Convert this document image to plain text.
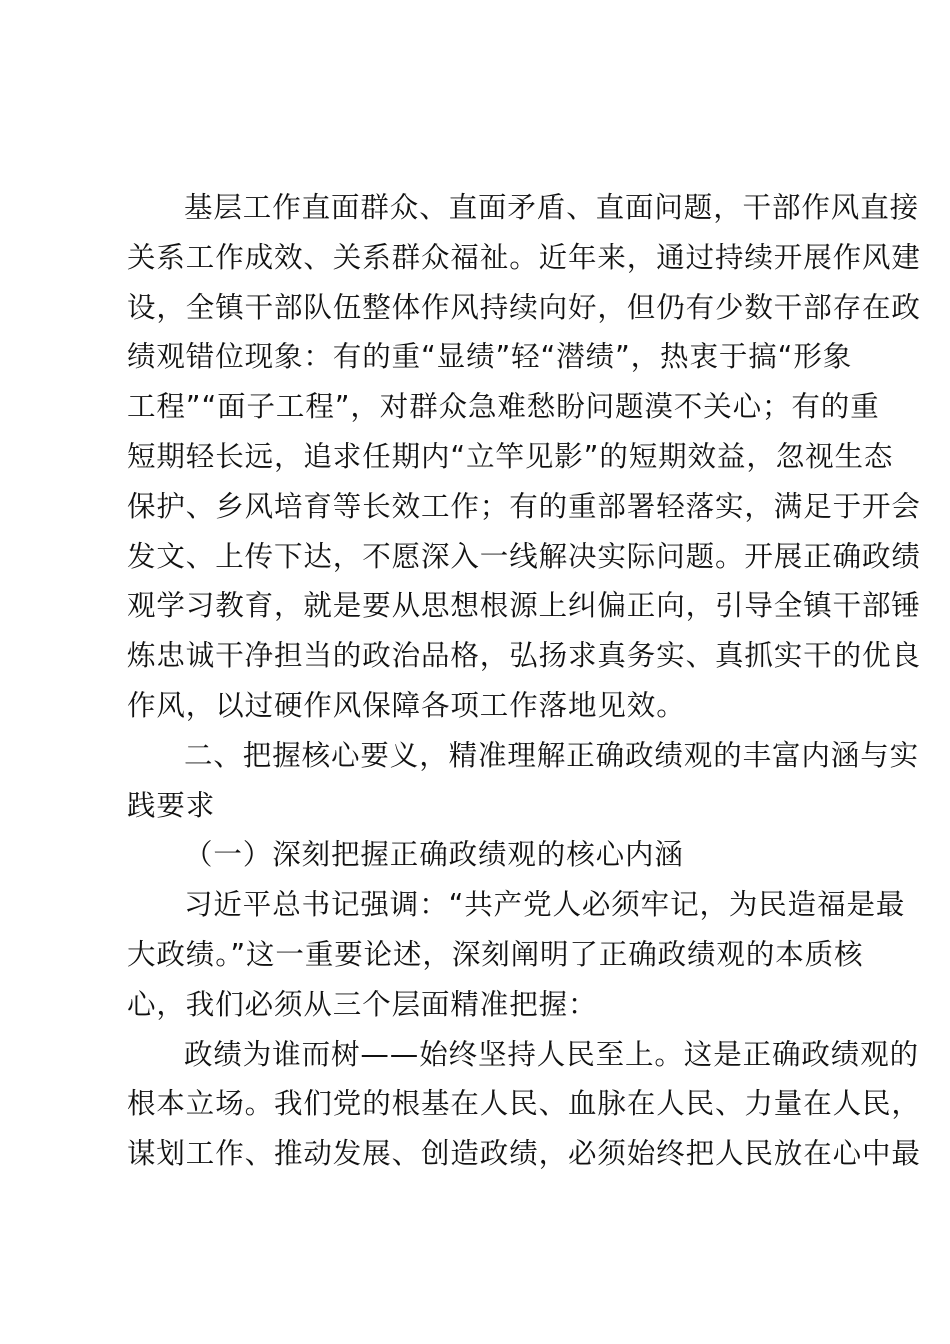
基层工作直面群众、直面矛盾、直面问题，干部作风直接
关系工作成效、关系群众福祉。近年来，通过持续开展作风建
设，全镇干部队伍整体作风持续向好，但仍有少数干部存在政
绩观错位现象：有的重“显绩”轻“潜绩”，热衷于搞“形象
工程”“面子工程”，对群众急难愁盼问题漠不关心；有的重
短期轻长远，追求任期内“立竿见影”的短期效益，忽视生态
保护、乡风培育等长效工作；有的重部署轻落实，满足于开会
发文、上传下达，不愿深入一线解决实际问题。开展正确政绩
观学习教育，就是要从思想根源上纠偏正向，引导全镇干部锤
炼忠诚干净担当的政治品格，弘扬求真务实、真抓实干的优良
作风，以过硬作风保障各项工作落地见效。
二、把握核心要义，精准理解正确政绩观的丰富内涵与实
践要求
（一）深刻把握正确政绩观的核心内涵
习近平总书记强调：“共产党人必须牢记，为民造福是最
大政绩。”这一重要论述，深刻阐明了正确政绩观的本质核
心，我们必须从三个层面精准把握：
政绩为谁而树——始终坚持人民至上。这是正确政绩观的
根本立场。我们党的根基在人民、血脉在人民、力量在人民，
谋划工作、推动发展、创造政绩，必须始终把人民放在心中最
